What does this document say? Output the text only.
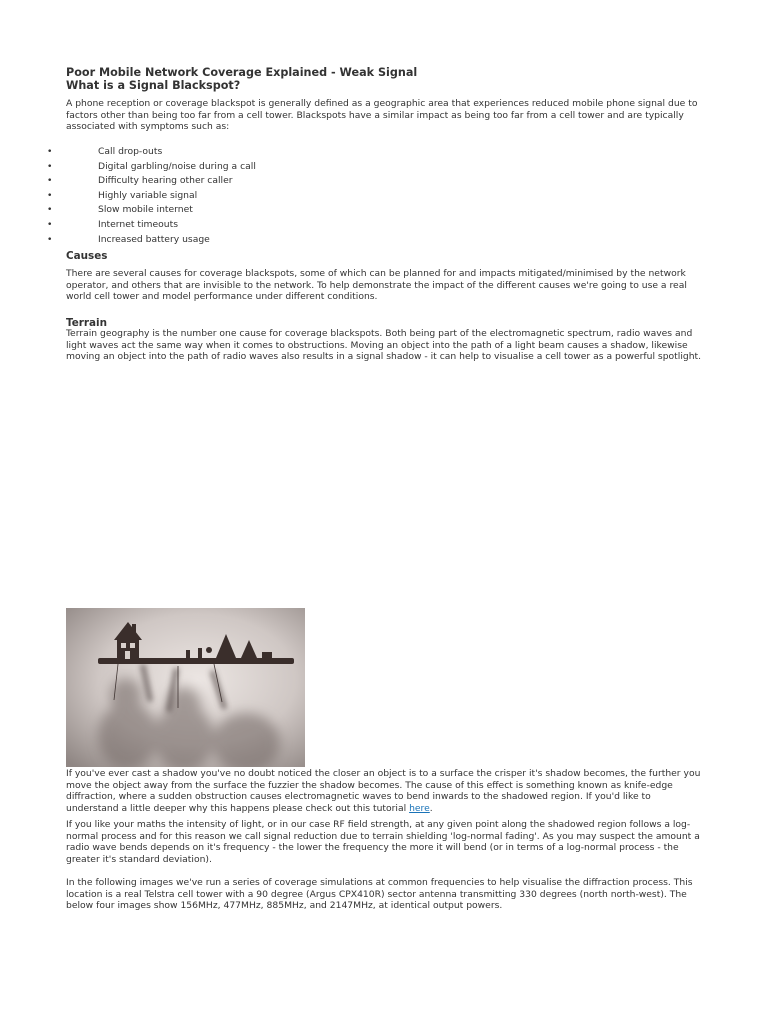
Poor Mobile Network Coverage Explained - Weak Signal
What is a Signal Blackspot?

A phone reception or coverage blackspot is generally defined as a geographic area that experiences reduced mobile phone signal due to factors other than being too far from a cell tower. Blackspots have a similar impact as being too far from a cell tower and are typically associated with symptoms such as:

•	Call drop-outs
•	Digital garbling/noise during a call
•	Difficulty hearing other caller
•	Highly variable signal
•	Slow mobile internet
•	Internet timeouts
•	Increased battery usage
Causes

There are several causes for coverage blackspots, some of which can be planned for and impacts mitigated/minimised by the network operator, and others that are invisible to the network. To help demonstrate the impact of the different causes we're going to use a real world cell tower and model performance under different conditions.

Terrain

Terrain geography is the number one cause for coverage blackspots. Both being part of the electromagnetic spectrum, radio waves and light waves act the same way when it comes to obstructions. Moving an object into the path of a light beam causes a shadow, likewise moving an object into the path of radio waves also results in a signal shadow - it can help to visualise a cell tower as a powerful spotlight.

If you've ever cast a shadow you've no doubt noticed the closer an object is to a surface the crisper it's shadow becomes, the further you move the object away from the surface the fuzzier the shadow becomes. The cause of this effect is something known as knife-edge diffraction, where a sudden obstruction causes electromagnetic waves to bend inwards to the shadowed region. If you'd like to understand a little deeper why this happens please check out this tutorial here.

If you like your maths the intensity of light, or in our case RF field strength, at any given point along the shadowed region follows a log-normal process and for this reason we call signal reduction due to terrain shielding 'log-normal fading'. As you may suspect the amount a radio wave bends depends on it's frequency - the lower the frequency the more it will bend (or in terms of a log-normal process - the greater it's standard deviation).

In the following images we've run a series of coverage simulations at common frequencies to help visualise the diffraction process. This location is a real Telstra cell tower with a 90 degree (Argus CPX410R) sector antenna transmitting 330 degrees (north north-west). The below four images show 156MHz, 477MHz, 885MHz, and 2147MHz, at identical output powers.
